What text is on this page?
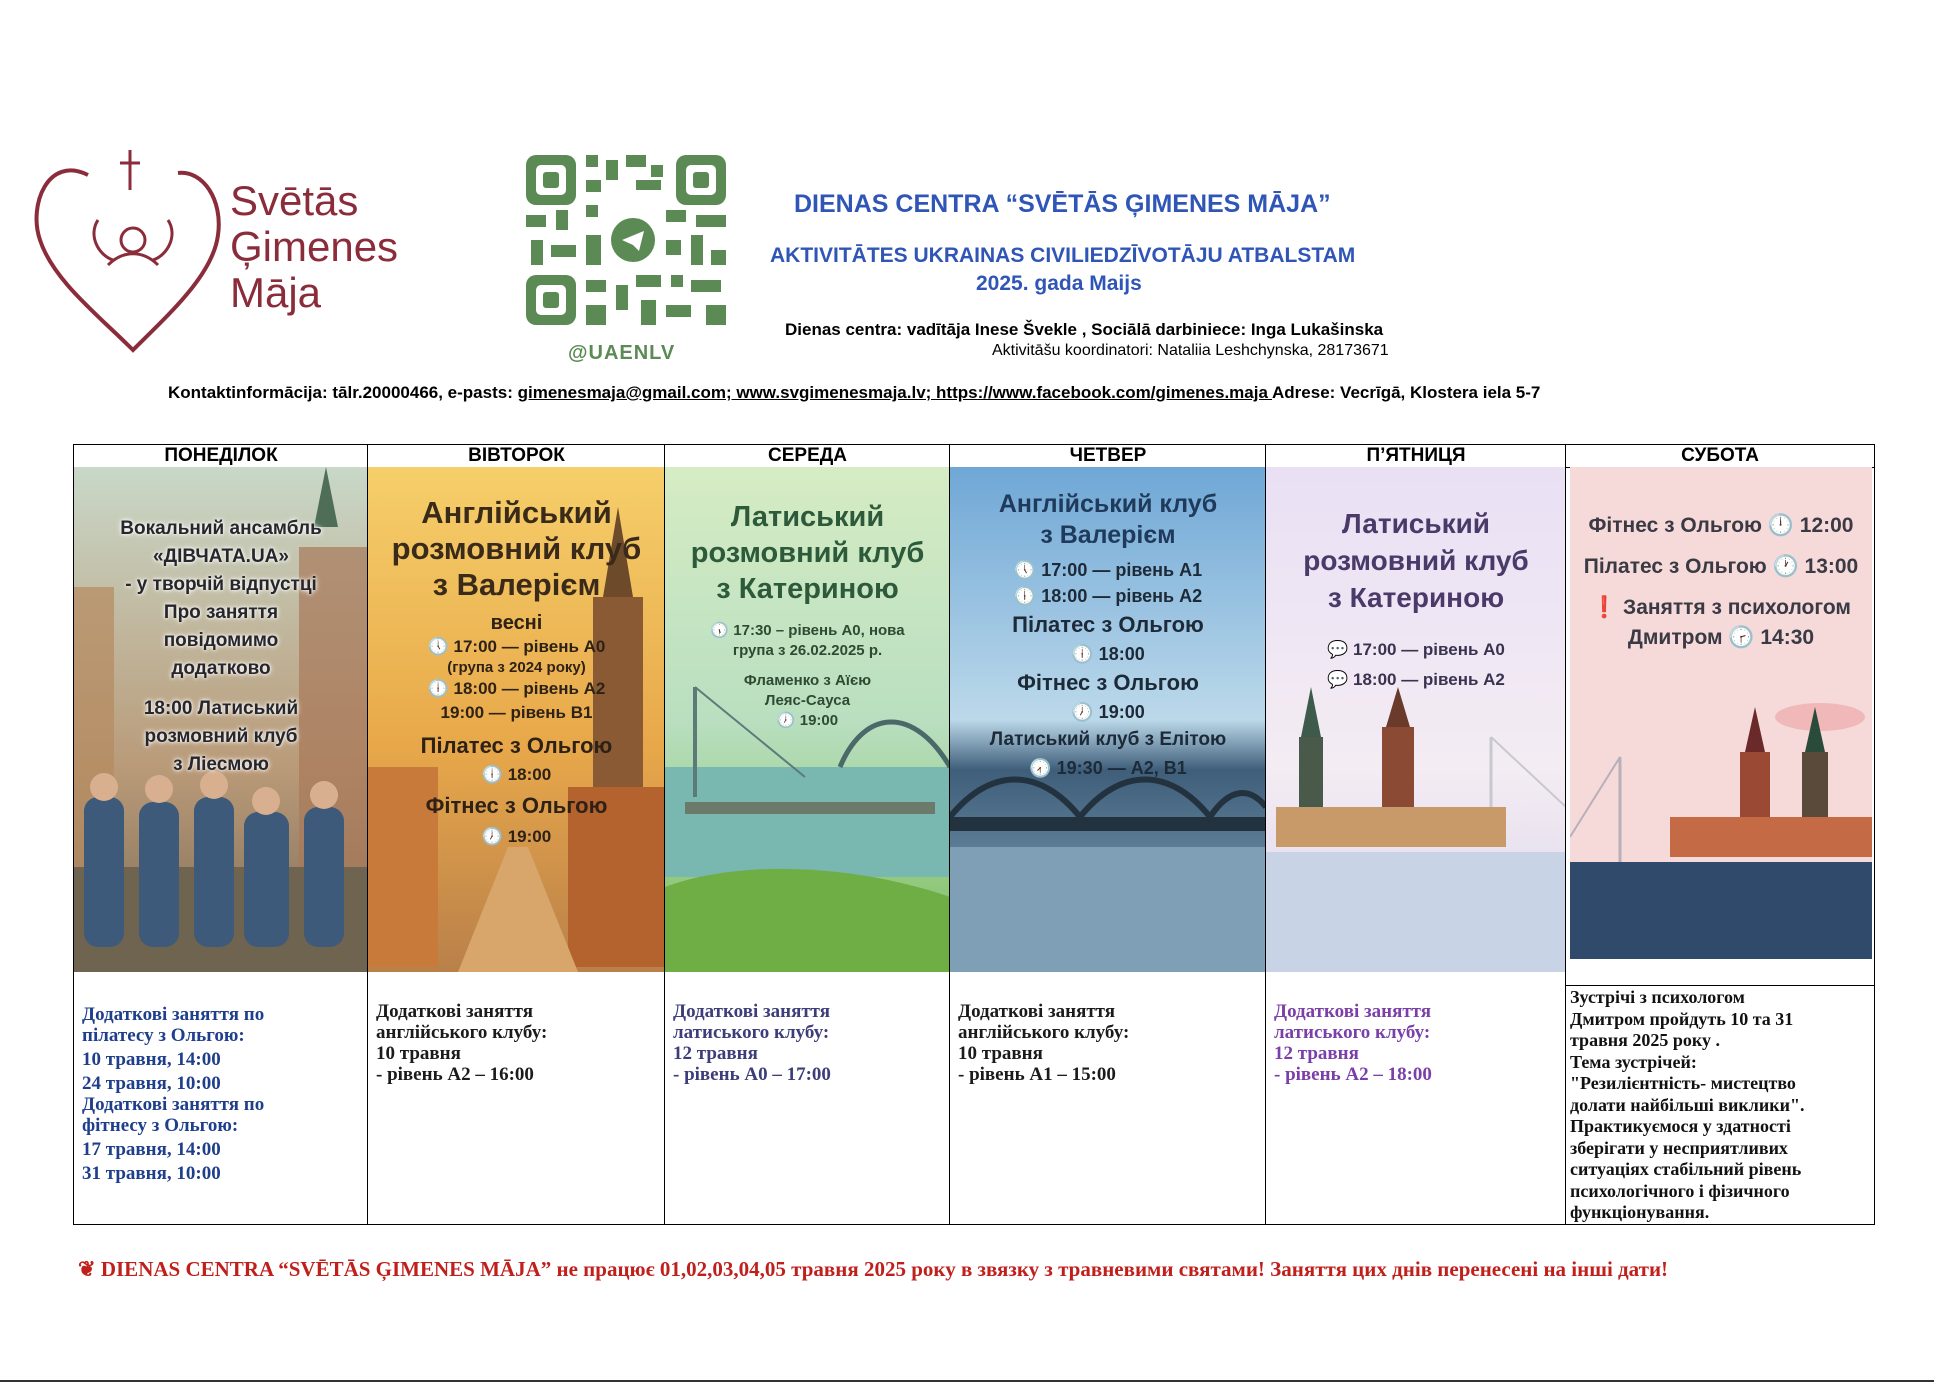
Svētās
Ģimenes
Māja
@UAENLV
DIENAS CENTRA “SVĒTĀS ĢIMENES MĀJA”
AKTIVITĀTES UKRAINAS CIVILIEDZĪVOTĀJU ATBALSTAM
2025. gada Maijs
Dienas centra: vadītāja Inese Švekle , Sociālā darbiniece: Inga Lukašinska
Aktivitāšu koordinatori: Nataliia Leshchynska, 28173671
Kontaktinformācija: tālr.20000466, e-pasts: gimenesmaja@gmail.com; www.svgimenesmaja.lv; https://www.facebook.com/gimenes.maja Adrese: Vecrīgā, Klostera iela 5-7
ПОНЕДІЛОК
Вокальний ансамбль
«ДІВЧАТА.UA»
- у творчій відпустці
Про заняття
повідомимо
додатково
18:00 Латиський
розмовний клуб
з Ліесмою
Додаткові заняття по
пілатесу з Ольгою:
10 травня, 14:00
24 травня, 10:00
Додаткові заняття по
фітнесу з Ольгою:
17 травня, 14:00
31 травня, 10:00
ВІВТОРОК
Англійський
розмовний клуб
з Валерієм
весні
🕔 17:00 — рівень А0
(група з 2024 року)
🕕 18:00 — рівень А2
19:00 — рівень В1
Пілатес з Ольгою
🕕 18:00
Фітнес з Ольгою
🕖 19:00
Додаткові заняття
англійського клубу:
10 травня
- рівень А2 – 16:00
СЕРЕДА
Латиський
розмовний клуб
з Катериною
🕠 17:30 – рівень А0, нова
група з 26.02.2025 р.
Фламенко з Аїєю
Леяс-Сауса
🕖 19:00
Додаткові заняття
латиського клубу:
12 травня
- рівень А0 – 17:00
ЧЕТВЕР
Англійський клуб
з Валерієм
🕔 17:00 — рівень А1
🕕 18:00 — рівень А2
Пілатес з Ольгою
🕕 18:00
Фітнес з Ольгою
🕖 19:00
Латиський клуб з Елітою
🕢 19:30 — А2, В1
Додаткові заняття
англійського клубу:
10 травня
- рівень А1 – 15:00
П’ЯТНИЦЯ
Латиський
розмовний клуб
з Катериною
💬 17:00 — рівень А0
💬 18:00 — рівень А2
Додаткові заняття
латиського клубу:
12 травня
- рівень А2 – 18:00
СУБОТА
Фітнес з Ольгою 🕛 12:00
Пілатес з Ольгою 🕐 13:00
❗ Заняття з психологом
Дмитром 🕝 14:30
Зустрічі з психологом
Дмитром пройдуть 10 та 31
травня 2025 року .
Тема зустрічей:
"Резилієнтність- мистецтво
долати найбільші виклики".
Практикуємося у здатності
зберігати у несприятливих
ситуаціях стабільний рівень
психологічного і фізичного
функціонування.
❦ DIENAS CENTRA “SVĒTĀS ĢIMENES MĀJA” не працює 01,02,03,04,05 травня 2025 року в звязку з травневими святами! Заняття цих днів перенесені на інші дати!
